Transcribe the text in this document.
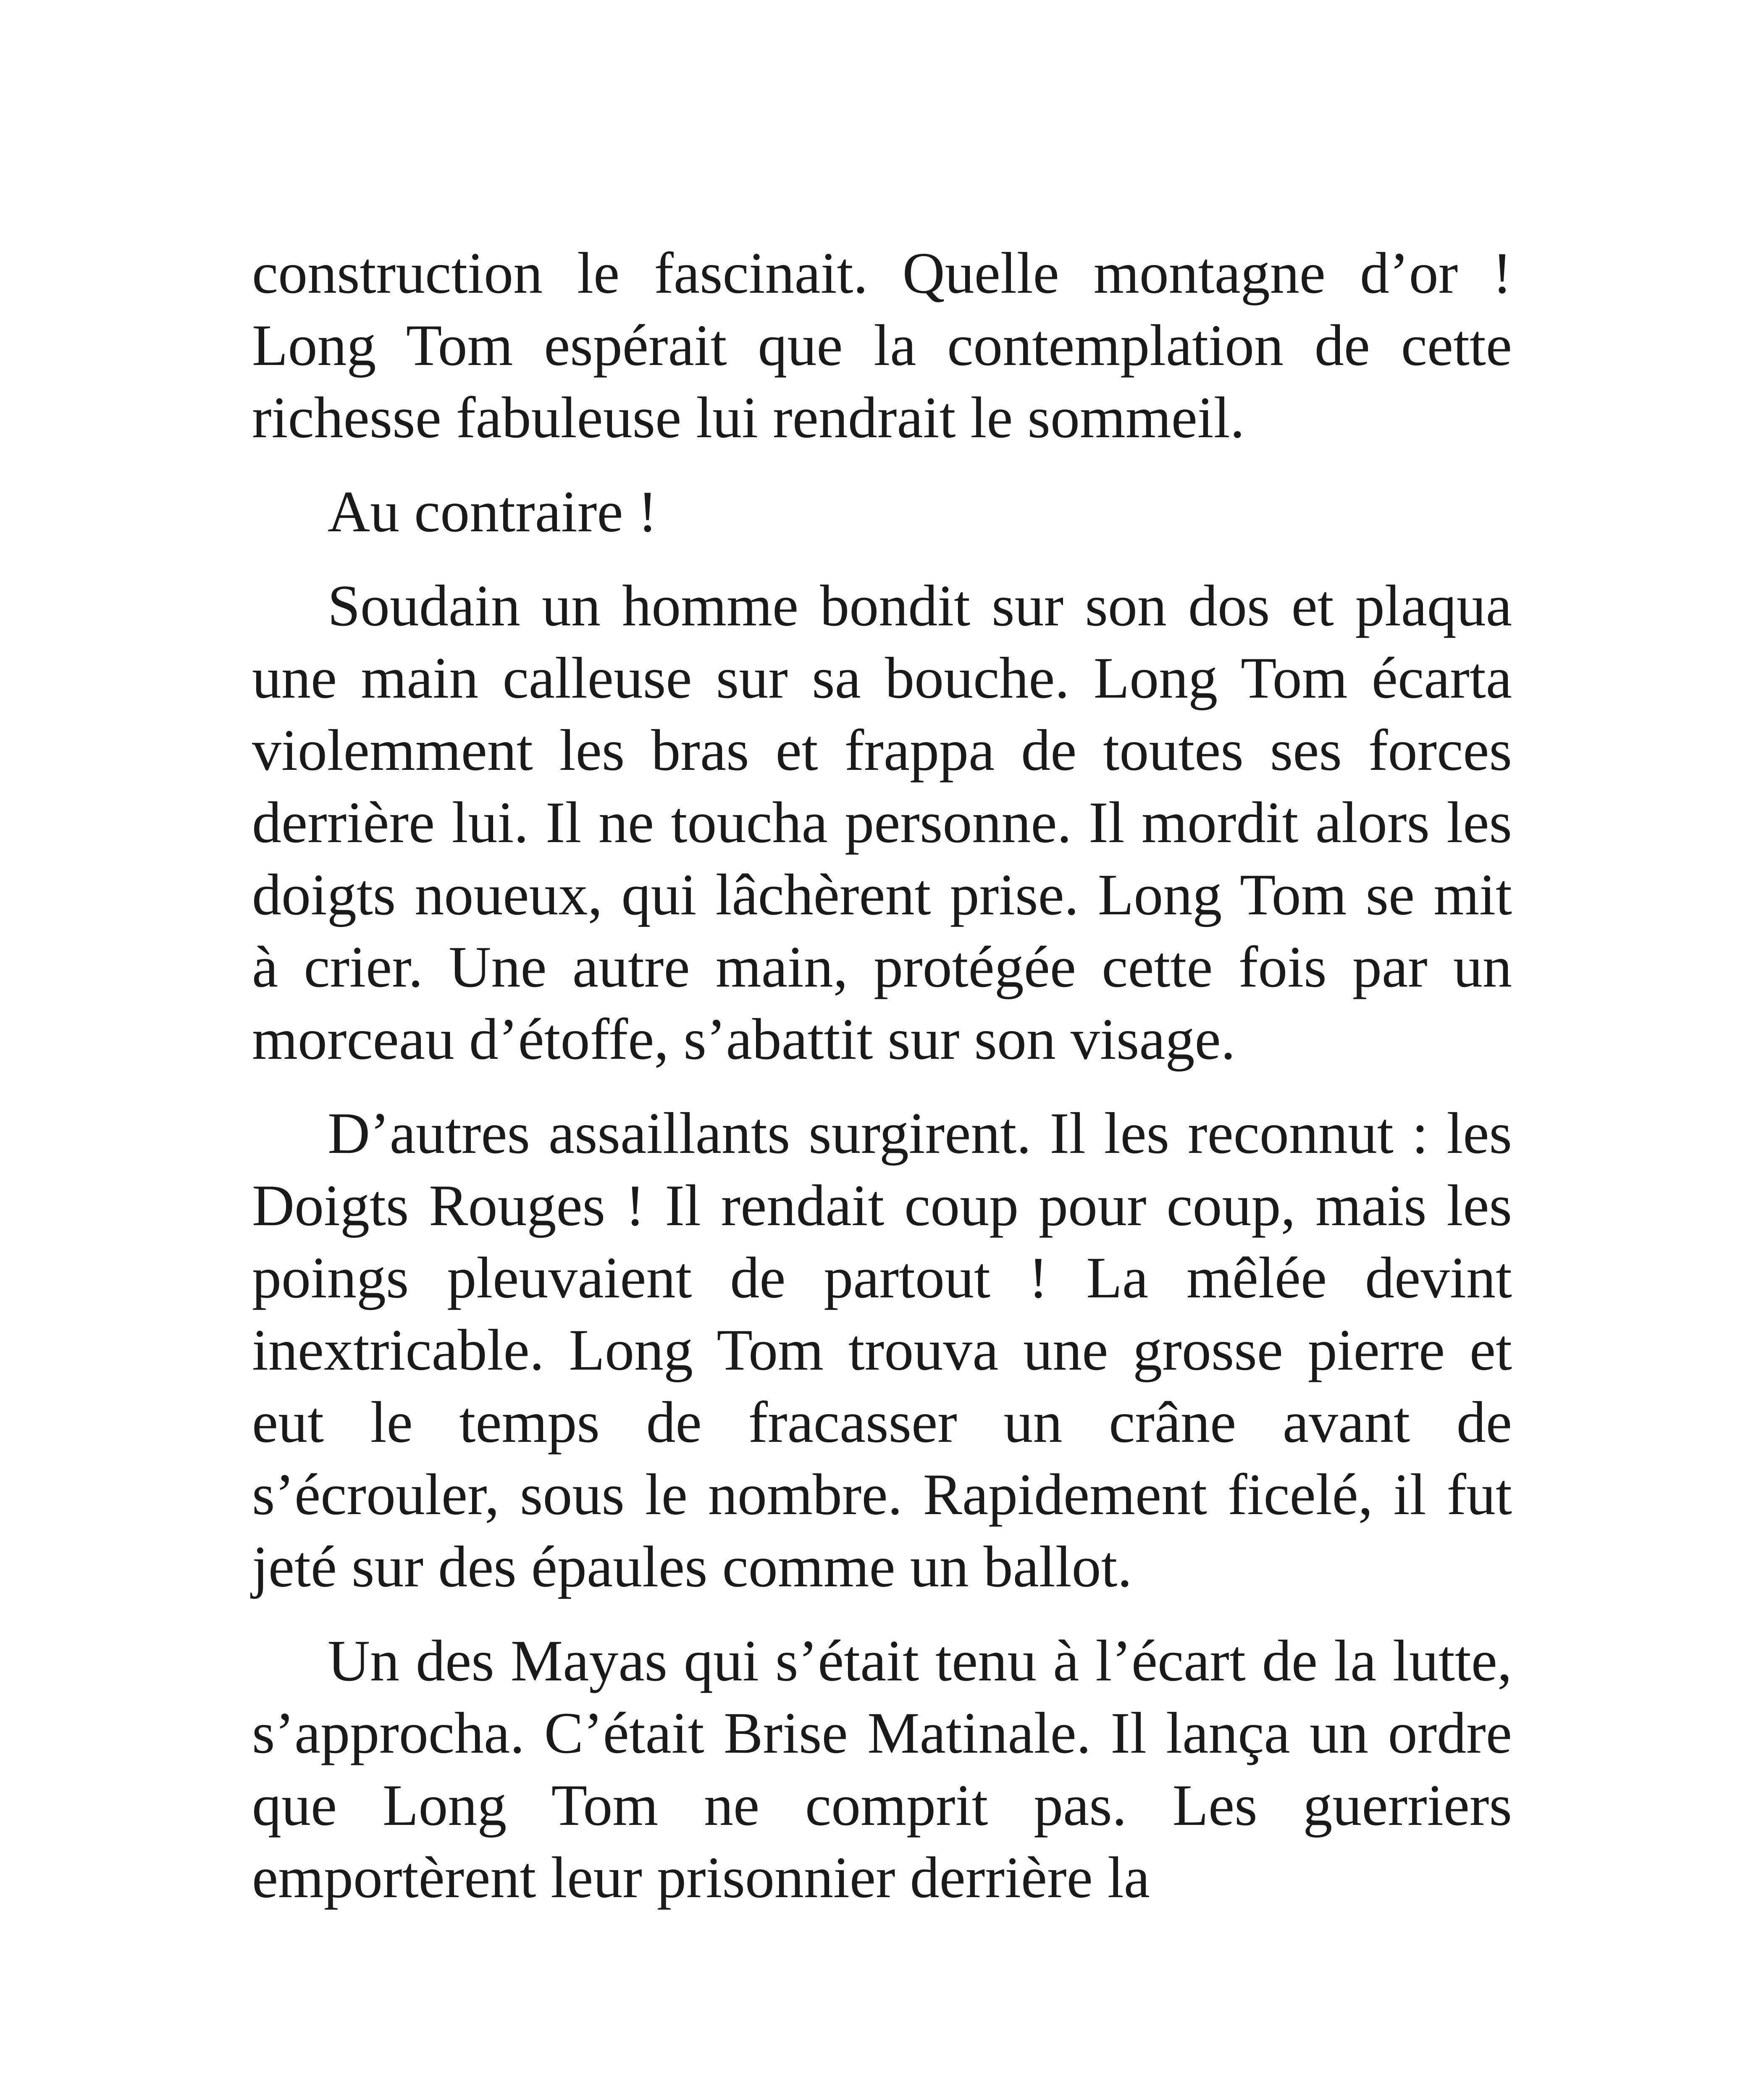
construction le fascinait. Quelle montagne d’or ! Long Tom espérait que la contemplation de cette richesse fabuleuse lui rendrait le sommeil.

Au contraire !

Soudain un homme bondit sur son dos et plaqua une main calleuse sur sa bouche. Long Tom écarta violemment les bras et frappa de toutes ses forces derrière lui. Il ne toucha personne. Il mordit alors les doigts noueux, qui lâchèrent prise. Long Tom se mit à crier. Une autre main, protégée cette fois par un morceau d’étoffe, s’abattit sur son visage.

D’autres assaillants surgirent. Il les reconnut : les Doigts Rouges ! Il rendait coup pour coup, mais les poings pleuvaient de partout ! La mêlée devint inextricable. Long Tom trouva une grosse pierre et eut le temps de fracasser un crâne avant de s’écrouler, sous le nombre. Rapidement ficelé, il fut jeté sur des épaules comme un ballot.

Un des Mayas qui s’était tenu à l’écart de la lutte, s’approcha. C’était Brise Matinale. Il lança un ordre que Long Tom ne comprit pas. Les guerriers emportèrent leur prisonnier derrière la
